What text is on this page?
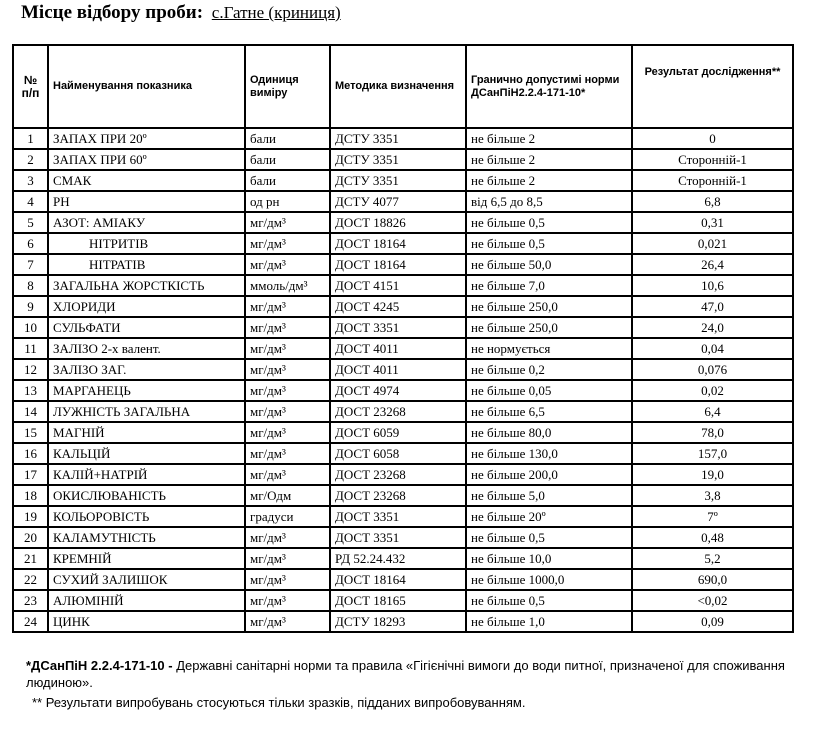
Місце відбору проби: с.Гатне (криниця)
№ п/п	Найменування показника	Одиниця виміру	Методика визначення	Гранично допустимі норми ДСанПіН2.2.4-171-10*	Результат дослідження**
1	ЗАПАХ ПРИ 20º	бали	ДСТУ 3351	не більше 2	0
2	ЗАПАХ ПРИ 60º	бали	ДСТУ 3351	не більше 2	Сторонній-1
3	СМАК	бали	ДСТУ 3351	не більше 2	Сторонній-1
4	PH	од рн	ДСТУ 4077	від 6,5 до 8,5	6,8
5	АЗОТ: АМІАКУ	мг/дм³	ДОСТ 18826	не більше 0,5	0,31
6	НІТРИТІВ	мг/дм³	ДОСТ 18164	не більше 0,5	0,021
7	НІТРАТІВ	мг/дм³	ДОСТ 18164	не більше 50,0	26,4
8	ЗАГАЛЬНА ЖОРСТКІСТЬ	ммоль/дм³	ДОСТ 4151	не більше 7,0	10,6
9	ХЛОРИДИ	мг/дм³	ДОСТ 4245	не більше 250,0	47,0
10	СУЛЬФАТИ	мг/дм³	ДОСТ 3351	не більше 250,0	24,0
11	ЗАЛІЗО 2-х валент.	мг/дм³	ДОСТ 4011	не нормується	0,04
12	ЗАЛІЗО ЗАГ.	мг/дм³	ДОСТ 4011	не більше 0,2	0,076
13	МАРГАНЕЦЬ	мг/дм³	ДОСТ 4974	не більше 0,05	0,02
14	ЛУЖНІСТЬ ЗАГАЛЬНА	мг/дм³	ДОСТ 23268	не більше 6,5	6,4
15	МАГНІЙ	мг/дм³	ДОСТ 6059	не більше 80,0	78,0
16	КАЛЬЦІЙ	мг/дм³	ДОСТ 6058	не більше 130,0	157,0
17	КАЛІЙ+НАТРІЙ	мг/дм³	ДОСТ 23268	не більше 200,0	19,0
18	ОКИСЛЮВАНІСТЬ	мг/Одм	ДОСТ 23268	не більше 5,0	3,8
19	КОЛЬОРОВІСТЬ	градуси	ДОСТ 3351	не більше 20º	7º
20	КАЛАМУТНІСТЬ	мг/дм³	ДОСТ 3351	не більше 0,5	0,48
21	КРЕМНІЙ	мг/дм³	РД 52.24.432	не більше 10,0	5,2
22	СУХИЙ ЗАЛИШОК	мг/дм³	ДОСТ 18164	не більше 1000,0	690,0
23	АЛЮМІНІЙ	мг/дм³	ДОСТ 18165	не більше 0,5	<0,02
24	ЦИНК	мг/дм³	ДСТУ 18293	не більше 1,0	0,09
*ДСанПіН 2.2.4-171-10 - Державні санітарні норми та правила «Гігієнічні вимоги до води питної, призначеної для споживання людиною».
** Результати випробувань стосуються тільки зразків, підданих випробовуванням.
